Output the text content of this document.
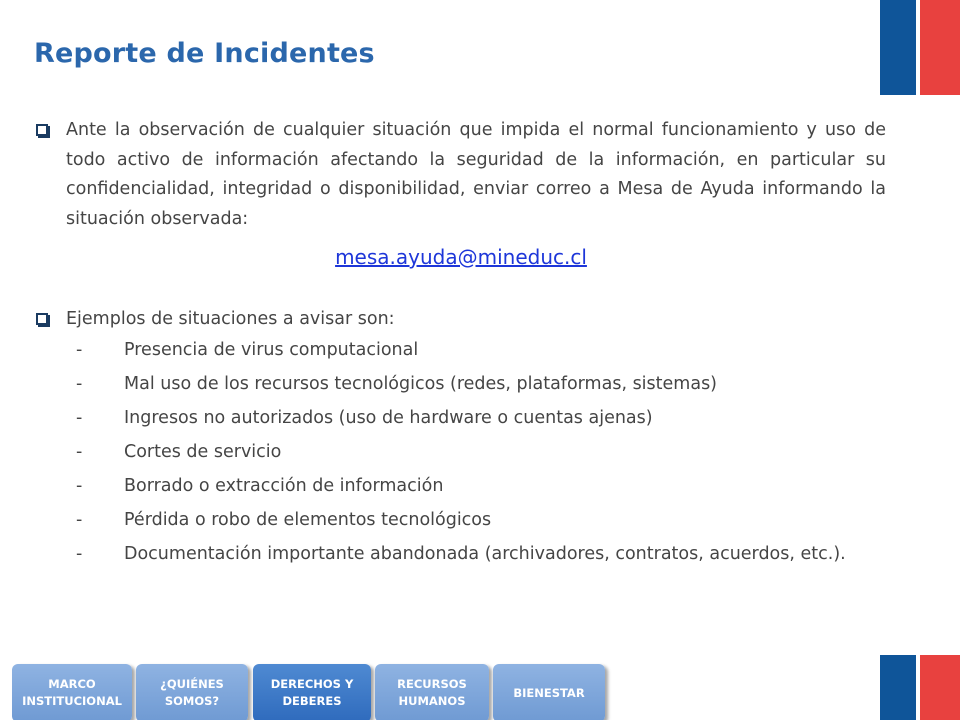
Reporte de Incidentes

Ante la observación de cualquier situación que impida el normal funcionamiento y uso de todo activo de información afectando la seguridad de la información, en particular su confidencialidad, integridad o disponibilidad, enviar correo a Mesa de Ayuda informando la situación observada:

mesa.ayuda@mineduc.cl

Ejemplos de situaciones a avisar son:

- Presencia de virus computacional
- Mal uso de los recursos tecnológicos (redes, plataformas, sistemas)
- Ingresos no autorizados (uso de hardware o cuentas ajenas)
- Cortes de servicio
- Borrado o extracción de información
- Pérdida o robo de elementos tecnológicos
- Documentación importante abandonada (archivadores, contratos, acuerdos, etc.).
MARCO
INSTITUCIONAL
¿QUIÉNES
SOMOS?
DERECHOS Y
DEBERES
RECURSOS
HUMANOS
BIENESTAR
